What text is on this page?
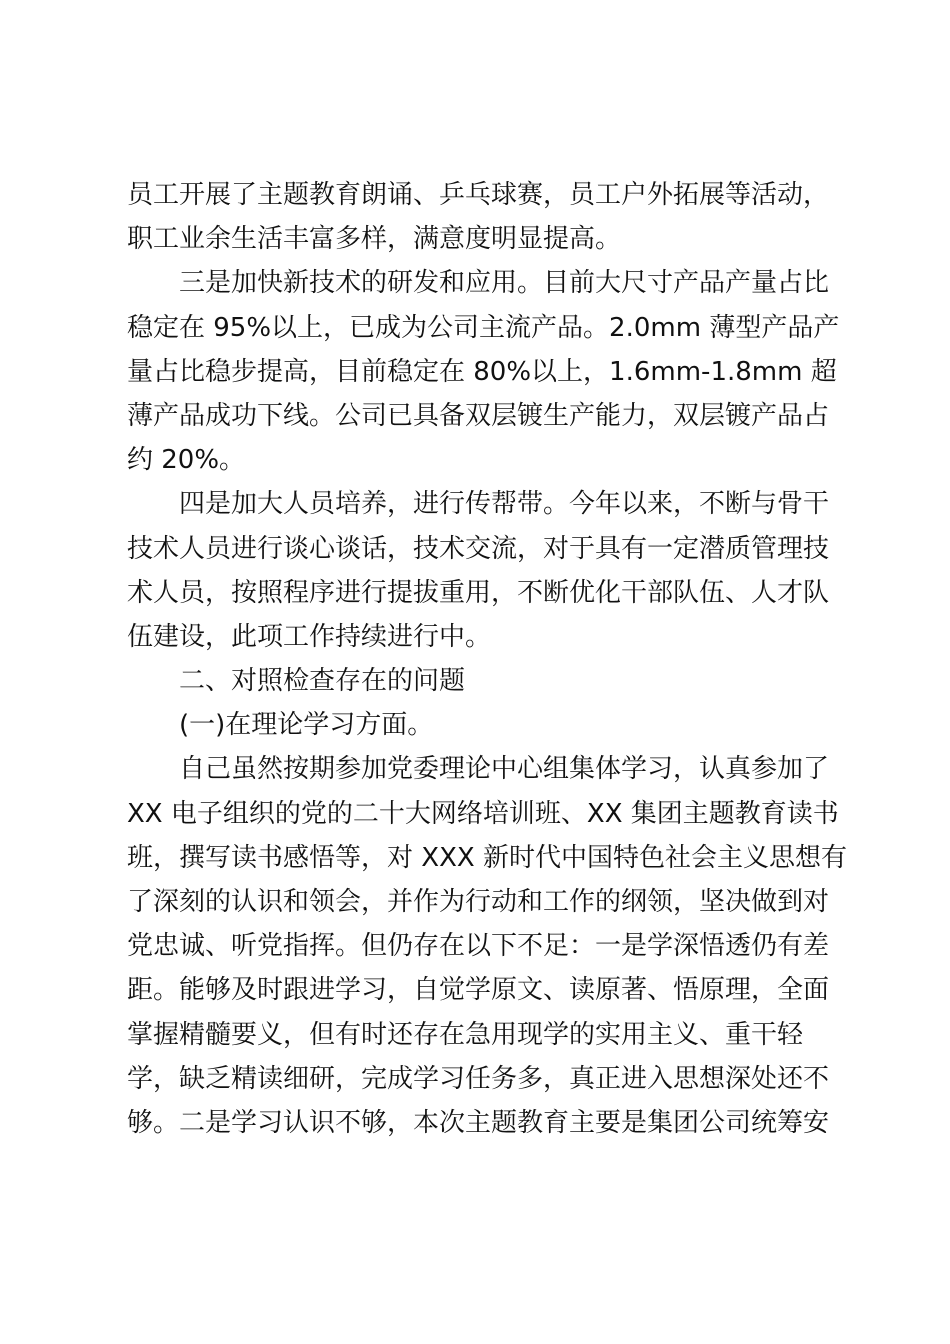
员工开展了主题教育朗诵、乒乓球赛，员工户外拓展等活动，
职工业余生活丰富多样，满意度明显提高。
三是加快新技术的研发和应用。目前大尺寸产品产量占比
稳定在 95%以上，已成为公司主流产品。2.0mm 薄型产品产
量占比稳步提高，目前稳定在 80%以上，1.6mm-1.8mm 超
薄产品成功下线。公司已具备双层镀生产能力，双层镀产品占
约 20%。
四是加大人员培养，进行传帮带。今年以来，不断与骨干
技术人员进行谈心谈话，技术交流，对于具有一定潜质管理技
术人员，按照程序进行提拔重用，不断优化干部队伍、人才队
伍建设，此项工作持续进行中。
二、对照检查存在的问题
(一)在理论学习方面。
自己虽然按期参加党委理论中心组集体学习，认真参加了
XX 电子组织的党的二十大网络培训班、XX 集团主题教育读书
班，撰写读书感悟等，对 XXX 新时代中国特色社会主义思想有
了深刻的认识和领会，并作为行动和工作的纲领，坚决做到对
党忠诚、听党指挥。但仍存在以下不足：一是学深悟透仍有差
距。能够及时跟进学习，自觉学原文、读原著、悟原理，全面
掌握精髓要义，但有时还存在急用现学的实用主义、重干轻
学，缺乏精读细研，完成学习任务多，真正进入思想深处还不
够。二是学习认识不够，本次主题教育主要是集团公司统筹安
